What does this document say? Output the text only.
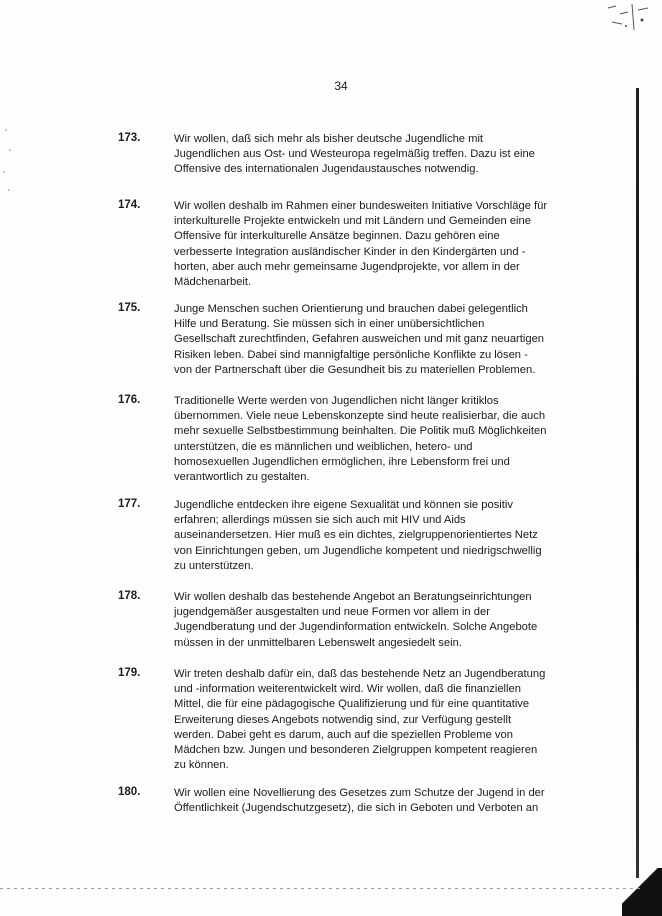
34
173.	Wir wollen, daß sich mehr als bisher deutsche Jugendliche mit
Jugendlichen aus Ost- und Westeuropa regelmäßig treffen. Dazu ist eine
Offensive des internationalen Jugendaustausches notwendig.
174.	Wir wollen deshalb im Rahmen einer bundesweiten Initiative Vorschläge für
interkulturelle Projekte entwickeln und mit Ländern und Gemeinden eine
Offensive für interkulturelle Ansätze beginnen. Dazu gehören eine
verbesserte Integration ausländischer Kinder in den Kindergärten und -
horten, aber auch mehr gemeinsame Jugendprojekte, vor allem in der
Mädchenarbeit.
175.	Junge Menschen suchen Orientierung und brauchen dabei gelegentlich
Hilfe und Beratung. Sie müssen sich in einer unübersichtlichen
Gesellschaft zurechtfinden, Gefahren ausweichen und mit ganz neuartigen
Risiken leben. Dabei sind mannigfaltige persönliche Konflikte zu lösen -
von der Partnerschaft über die Gesundheit bis zu materiellen Problemen.
176.	Traditionelle Werte werden von Jugendlichen nicht länger kritiklos
übernommen. Viele neue Lebenskonzepte sind heute realisierbar, die auch
mehr sexuelle Selbstbestimmung beinhalten. Die Politik muß Möglichkeiten
unterstützen, die es männlichen und weiblichen, hetero- und
homosexuellen Jugendlichen ermöglichen, ihre Lebensform frei und
verantwortlich zu gestalten.
177.	Jugendliche entdecken ihre eigene Sexualität und können sie positiv
erfahren; allerdings müssen sie sich auch mit HIV und Aids
auseinandersetzen. Hier muß es ein dichtes, zielgruppenorientiertes Netz
von Einrichtungen geben, um Jugendliche kompetent und niedrigschwellig
zu unterstützen.
178.	Wir wollen deshalb das bestehende Angebot an Beratungseinrichtungen
jugendgemäßer ausgestalten und neue Formen vor allem in der
Jugendberatung und der Jugendinformation entwickeln. Solche Angebote
müssen in der unmittelbaren Lebenswelt angesiedelt sein.
179.	Wir treten deshalb dafür ein, daß das bestehende Netz an Jugendberatung
und -information weiterentwickelt wird. Wir wollen, daß die finanziellen
Mittel, die für eine pädagogische Qualifizierung und für eine quantitative
Erweiterung dieses Angebots notwendig sind, zur Verfügung gestellt
werden. Dabei geht es darum, auch auf die speziellen Probleme von
Mädchen bzw. Jungen und besonderen Zielgruppen kompetent reagieren
zu können.
180.	Wir wollen eine Novellierung des Gesetzes zum Schutze der Jugend in der
Öffentlichkeit (Jugendschutzgesetz), die sich in Geboten und Verboten an
